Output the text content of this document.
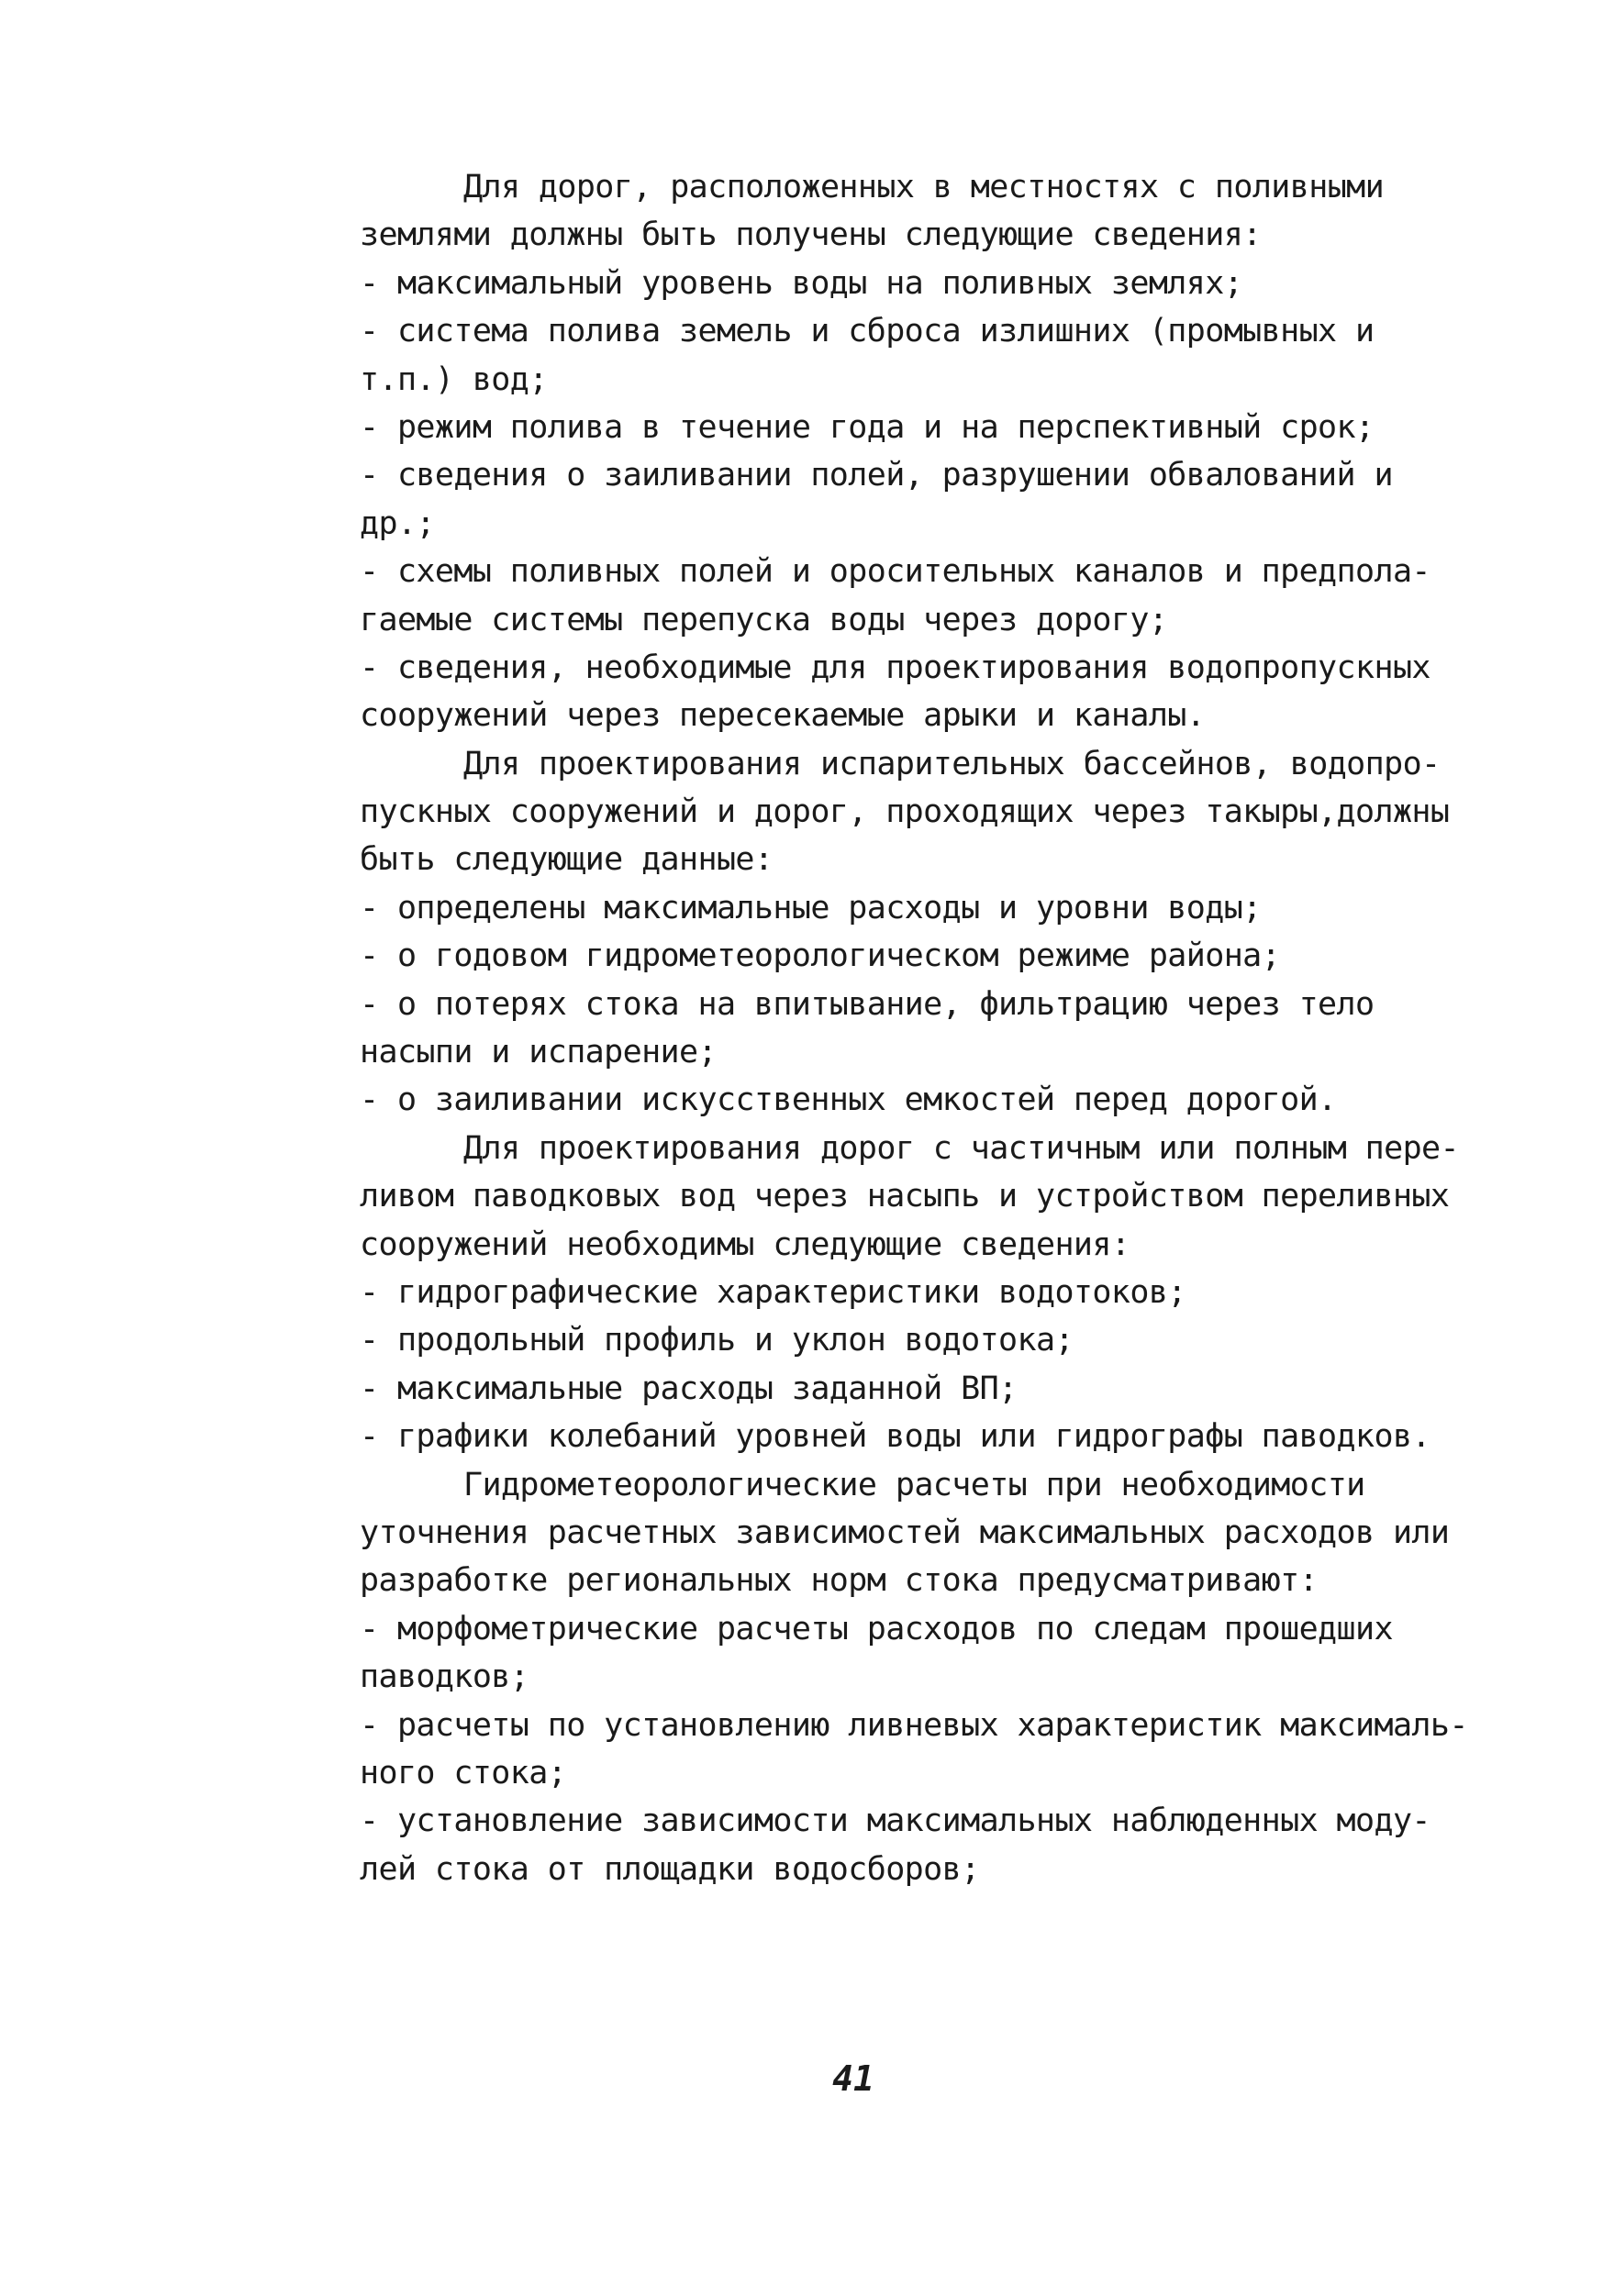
Для дорог, расположенных в местностях с поливными
землями должны быть получены следующие сведения:
- максимальный уровень воды на поливных землях;
- система полива земель и сброса излишних (промывных и
т.п.) вод;
- режим полива в течение года и на перспективный срок;
- сведения о заиливании полей, разрушении обвалований и
др.;
- схемы поливных полей и оросительных каналов и предпола-
гаемые системы перепуска воды через дорогу;
- сведения, необходимые для проектирования водопропускных
сооружений через пересекаемые арыки и каналы.
Для проектирования испарительных бассейнов, водопро-
пускных сооружений и дорог, проходящих через такыры,должны
быть следующие данные:
- определены максимальные расходы и уровни воды;
- о годовом гидрометеорологическом режиме района;
- о потерях стока на впитывание, фильтрацию через тело
насыпи и испарение;
- о заиливании искусственных емкостей перед дорогой.
Для проектирования дорог с частичным или полным пере-
ливом паводковых вод через насыпь и устройством переливных
сооружений необходимы следующие сведения:
- гидрографические характеристики водотоков;
- продольный профиль и уклон водотока;
- максимальные расходы заданной ВП;
- графики колебаний уровней воды или гидрографы паводков.
Гидрометеорологические расчеты при необходимости
уточнения расчетных зависимостей максимальных расходов или
разработке региональных норм стока предусматривают:
- морфометрические расчеты расходов по следам прошедших
паводков;
- расчеты по установлению ливневых характеристик максималь-
ного стока;
- установление зависимости максимальных наблюденных моду-
лей стока от площадки водосборов;
41
